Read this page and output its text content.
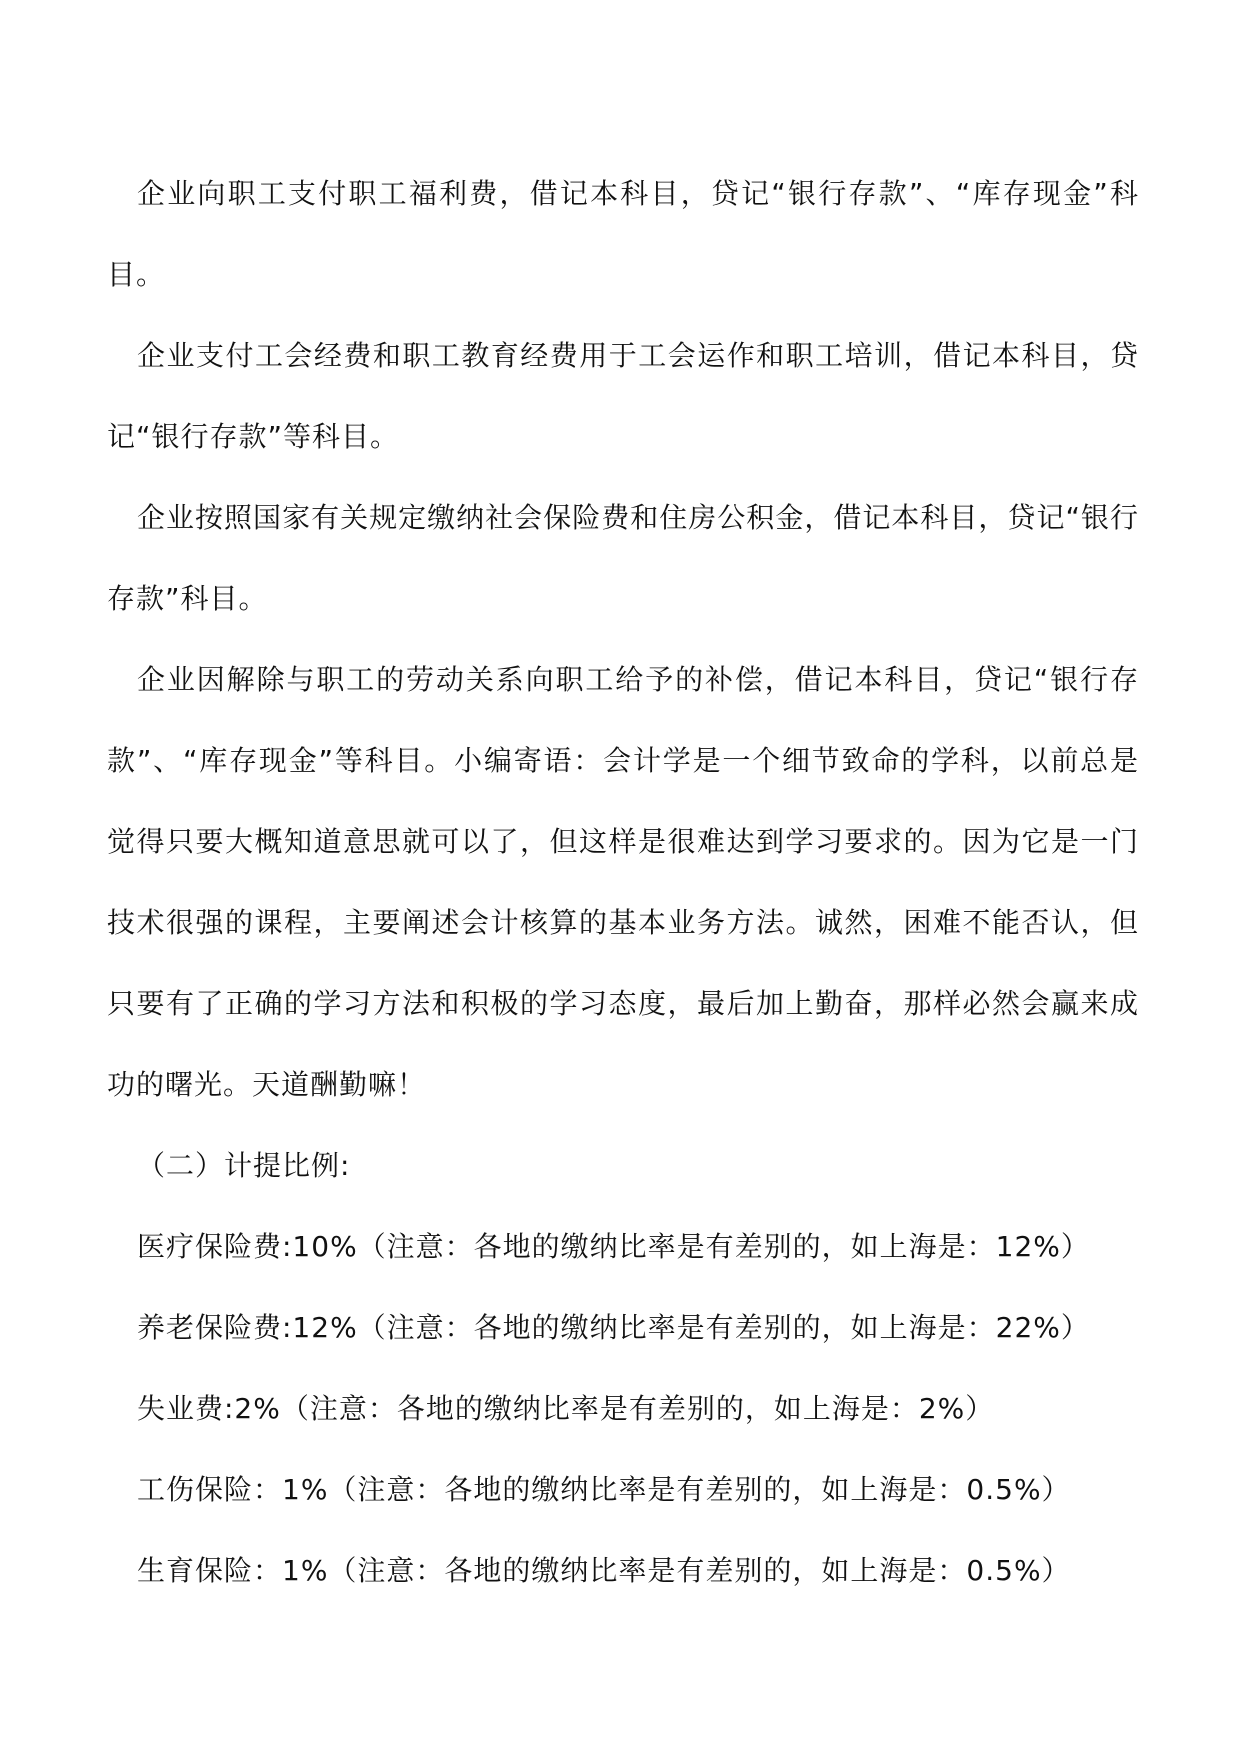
企业向职工支付职工福利费，借记本科目，贷记“银行存款”、“库存现金”科目。

企业支付工会经费和职工教育经费用于工会运作和职工培训，借记本科目，贷记“银行存款”等科目。

企业按照国家有关规定缴纳社会保险费和住房公积金，借记本科目，贷记“银行存款”科目。

企业因解除与职工的劳动关系向职工给予的补偿，借记本科目，贷记“银行存款”、“库存现金”等科目。小编寄语：会计学是一个细节致命的学科，以前总是觉得只要大概知道意思就可以了，但这样是很难达到学习要求的。因为它是一门技术很强的课程，主要阐述会计核算的基本业务方法。诚然，困难不能否认，但只要有了正确的学习方法和积极的学习态度，最后加上勤奋，那样必然会赢来成功的曙光。天道酬勤嘛！

（二）计提比例:

医疗保险费:10%（注意：各地的缴纳比率是有差别的，如上海是：12%）

养老保险费:12%（注意：各地的缴纳比率是有差别的，如上海是：22%）

失业费:2%（注意：各地的缴纳比率是有差别的，如上海是：2%）

工伤保险：1%（注意：各地的缴纳比率是有差别的，如上海是：0.5%）

生育保险：1%（注意：各地的缴纳比率是有差别的，如上海是：0.5%）
